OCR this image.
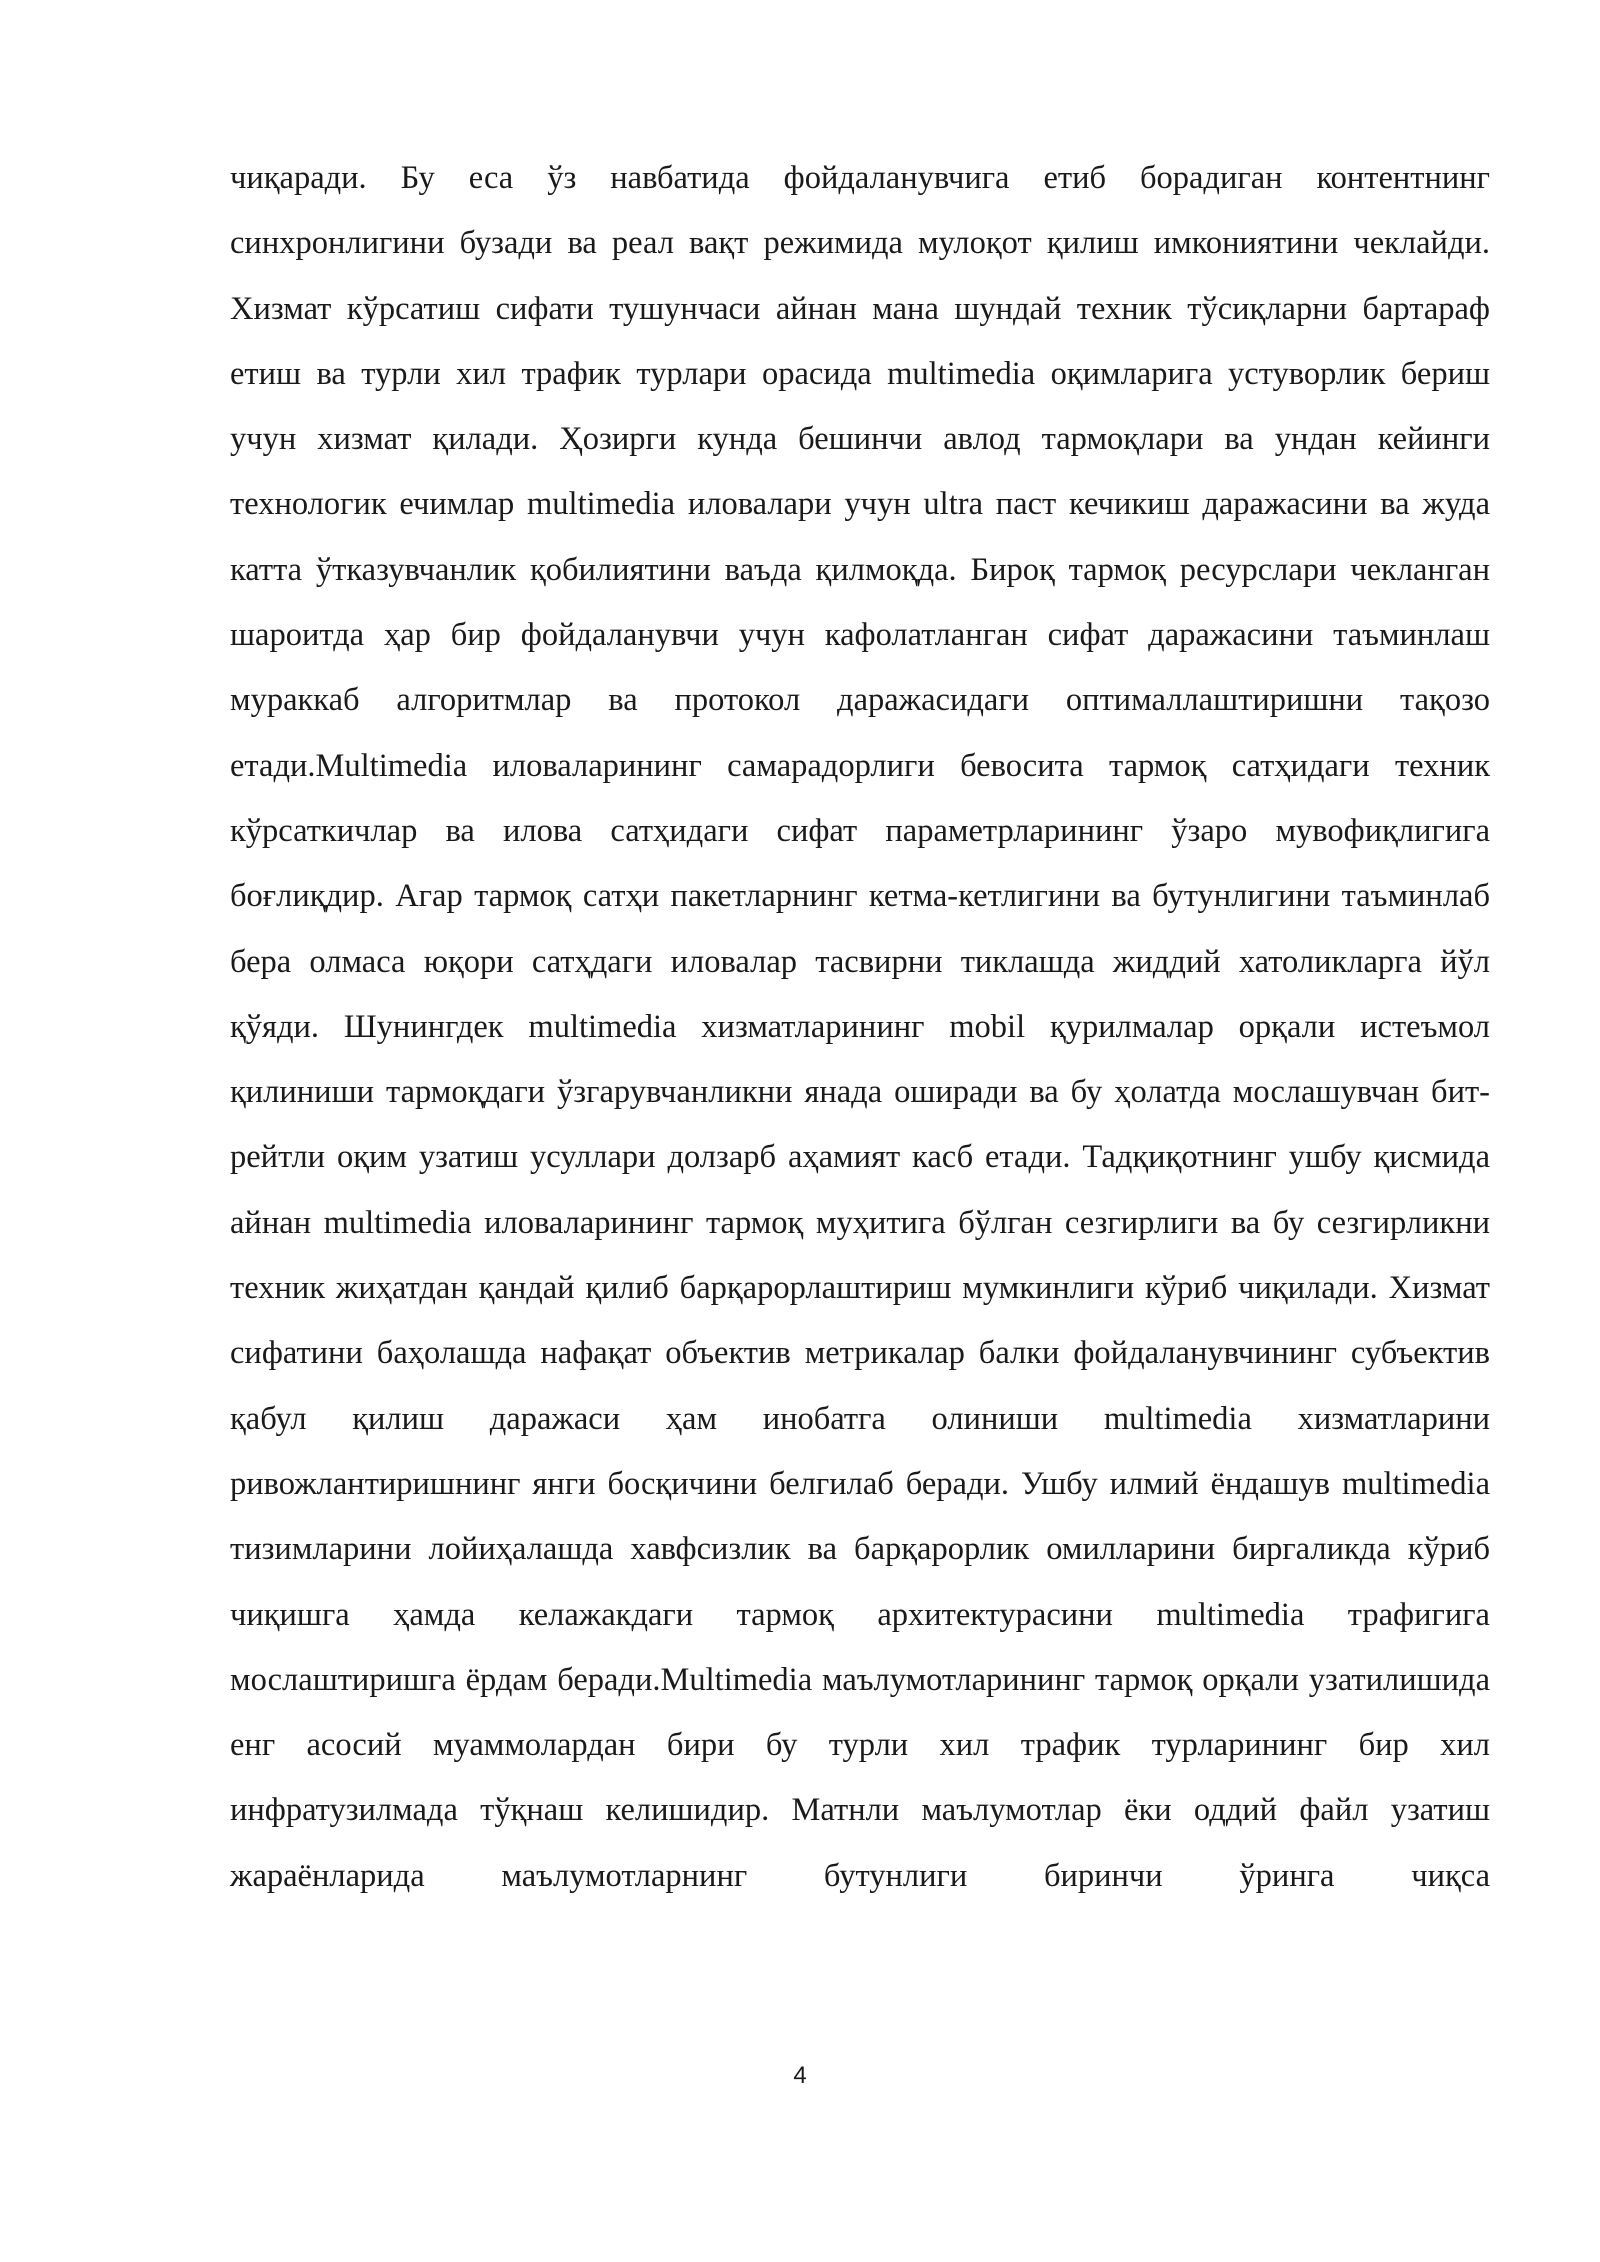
чиқаради. Бу еса ўз навбатида фойдаланувчига етиб борадиган контентнинг синхронлигини бузади ва реал вақт режимида мулоқот қилиш имкониятини чеклайди. Хизмат кўрсатиш сифати тушунчаси айнан мана шундай техник тўсиқларни бартараф етиш ва турли хил трафик турлари орасида multimedia оқимларига устуворлик бериш учун хизмат қилади. Ҳозирги кунда бешинчи авлод тармоқлари ва ундан кейинги технологик ечимлар multimedia иловалари учун ultra паст кечикиш даражасини ва жуда катта ўтказувчанлик қобилиятини ваъда қилмоқда. Бироқ тармоқ ресурслари чекланган шароитда ҳар бир фойдаланувчи учун кафолатланган сифат даражасини таъминлаш мураккаб алгоритмлар ва протокол даражасидаги оптималлаштиришни тақозо етади.Multimedia иловаларининг самарадорлиги бевосита тармоқ сатҳидаги техник кўрсаткичлар ва илова сатҳидаги сифат параметрларининг ўзаро мувофиқлигига боғлиқдир. Агар тармоқ сатҳи пакетларнинг кетма-кетлигини ва бутунлигини таъминлаб бера олмаса юқори сатҳдаги иловалар тасвирни тиклашда жиддий хатоликларга йўл қўяди. Шунингдек multimedia хизматларининг mobil қурилмалар орқали истеъмол қилиниши тармоқдаги ўзгарувчанликни янада оширади ва бу ҳолатда мослашувчан бит-рейтли оқим узатиш усуллари долзарб аҳамият касб етади. Тадқиқотнинг ушбу қисмида айнан multimedia иловаларининг тармоқ муҳитига бўлган сезгирлиги ва бу сезгирликни техник жиҳатдан қандай қилиб барқарорлаштириш мумкинлиги кўриб чиқилади. Хизмат сифатини баҳолашда нафақат объектив метрикалар балки фойдаланувчининг субъектив қабул қилиш даражаси ҳам инобатга олиниши multimedia хизматларини ривожлантиришнинг янги босқичини белгилаб беради. Ушбу илмий ёндашув multimedia тизимларини лойиҳалашда хавфсизлик ва барқарорлик омилларини биргаликда кўриб чиқишга ҳамда келажакдаги тармоқ архитектурасини multimedia трафигига мослаштиришга ёрдам беради.Multimedia маълумотларининг тармоқ орқали узатилишида енг асосий муаммолардан бири бу турли хил трафик турларининг бир хил инфратузилмада тўқнаш келишидир. Матнли маълумотлар ёки оддий файл узатиш жараёнларида маълумотларнинг бутунлиги биринчи ўринга чиқса

4
